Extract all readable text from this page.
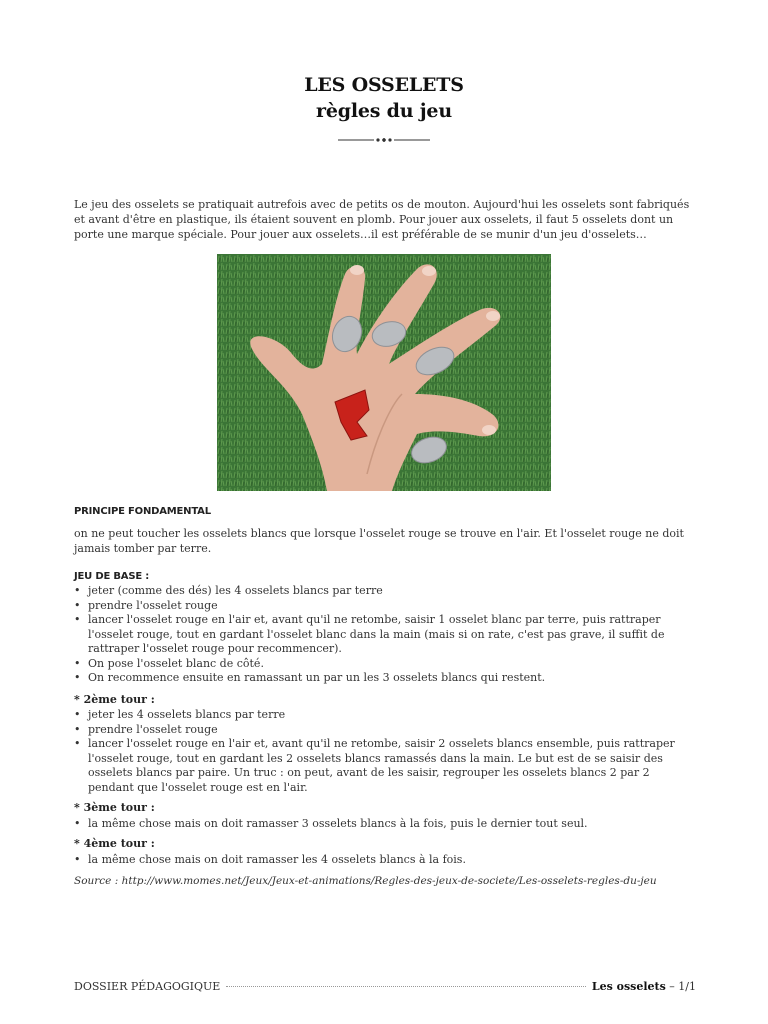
LES OSSELETS
règles du jeu

Le jeu des osselets se pratiquait autrefois avec de petits os de mouton. Aujourd'hui les osselets sont fabriqués et avant d'être en plastique, ils étaient souvent en plomb. Pour jouer aux osselets, il faut 5 osselets dont un porte une marque spéciale. Pour jouer aux osselets…il est préférable de se munir d'un jeu d'osselets…

PRINCIPE FONDAMENTAL

on ne peut toucher les osselets blancs que lorsque l'osselet rouge se trouve en l'air. Et l'osselet rouge ne doit jamais tomber par terre.

JEU DE BASE :

• jeter (comme des dés) les 4 osselets blancs par terre
• prendre l'osselet rouge
• lancer l'osselet rouge en l'air et, avant qu'il ne retombe, saisir 1 osselet blanc par terre, puis rattraper l'osselet rouge, tout en gardant l'osselet blanc dans la main (mais si on rate, c'est pas grave, il suffit de rattraper l'osselet rouge pour recommencer).
• On pose l'osselet blanc de côté.
• On recommence ensuite en ramassant un par un les 3 osselets blancs qui restent.

* 2ème tour :

• jeter les 4 osselets blancs par terre
• prendre l'osselet rouge
• lancer l'osselet rouge en l'air et, avant qu'il ne retombe, saisir 2 osselets blancs ensemble, puis rattraper l'osselet rouge, tout en gardant les 2 osselets blancs ramassés dans la main. Le but est de se saisir des osselets blancs par paire. Un truc : on peut, avant de les saisir, regrouper les osselets blancs 2 par 2 pendant que l'osselet rouge est en l'air.

* 3ème tour :

• la même chose mais on doit ramasser 3 osselets blancs à la fois, puis le dernier tout seul.

* 4ème tour :

• la même chose mais on doit ramasser les 4 osselets blancs à la fois.

Source : http://www.momes.net/Jeux/Jeux-et-animations/Regles-des-jeux-de-societe/Les-osselets-regles-du-jeu

DOSSIER PÉDAGOGIQUE	Les osselets – 1/1
